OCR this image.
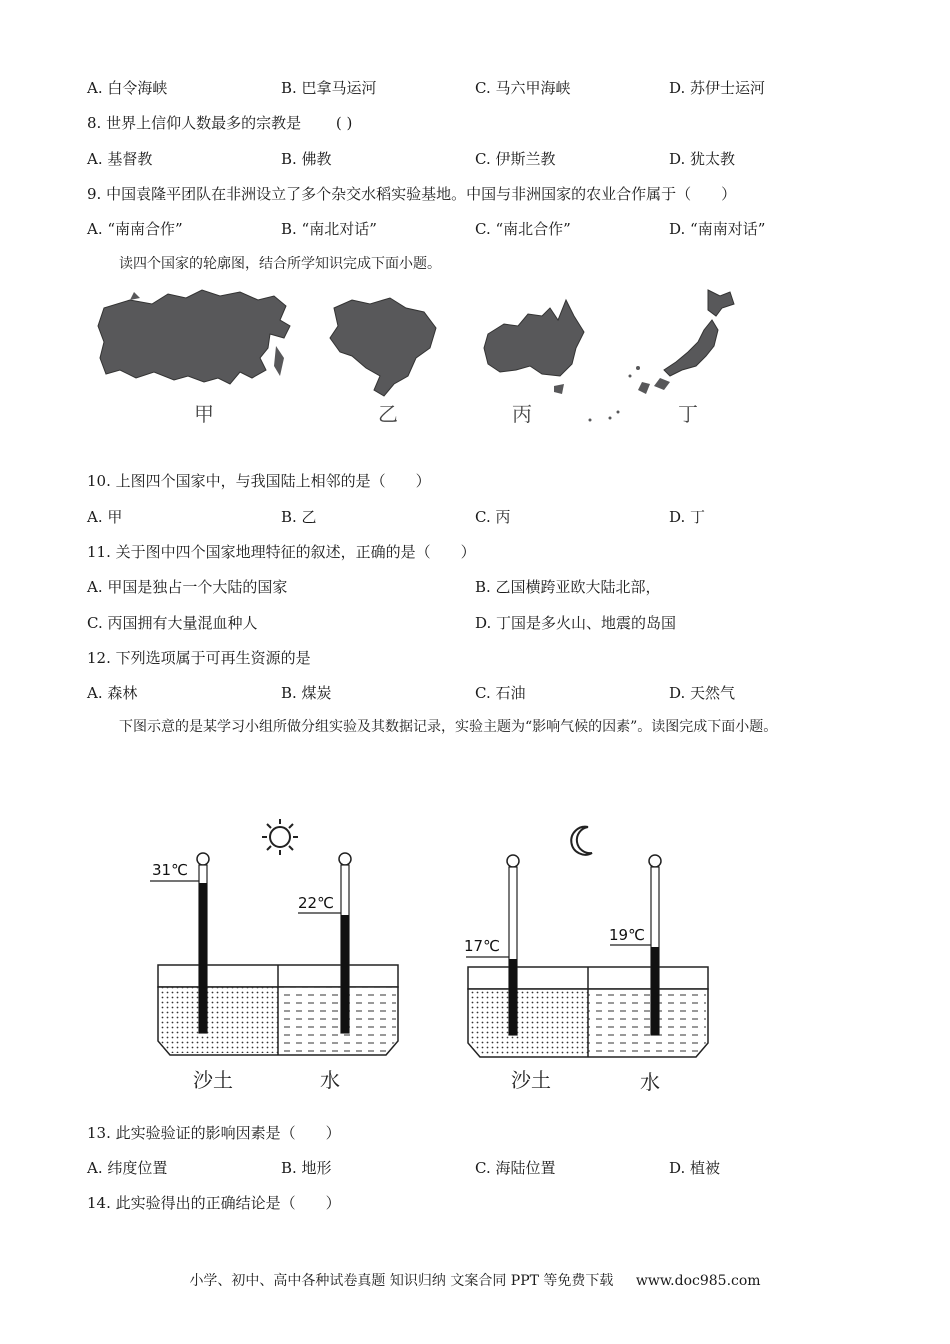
A. 白令海峡	B. 巴拿马运河	C. 马六甲海峡	D. 苏伊士运河
8. 世界上信仰人数最多的宗教是 ( )
A. 基督教	B. 佛教	C. 伊斯兰教	D. 犹太教
9. 中国袁隆平团队在非洲设立了多个杂交水稻实验基地。中国与非洲国家的农业合作属于（　　）
A. “南南合作”	B. “南北对话”	C. “南北合作”	D. “南南对话”
读四个国家的轮廓图，结合所学知识完成下面小题。
甲	乙	丙	丁
10. 上图四个国家中，与我国陆上相邻的是（　　）
A. 甲	B. 乙	C. 丙	D. 丁
11. 关于图中四个国家地理特征的叙述，正确的是（　　）
A. 甲国是独占一个大陆的国家	B. 乙国横跨亚欧大陆北部，
C. 丙国拥有大量混血种人	D. 丁国是多火山、地震的岛国
12. 下列选项属于可再生资源的是
A. 森林	B. 煤炭	C. 石油	D. 天然气
下图示意的是某学习小组所做分组实验及其数据记录，实验主题为“影响气候的因素”。读图完成下面小题。
31℃
22℃
17℃
19℃
沙土	水	沙土	水
13. 此实验验证的影响因素是（　　）
A. 纬度位置	B. 地形	C. 海陆位置	D. 植被
14. 此实验得出的正确结论是（　　）
小学、初中、高中各种试卷真题 知识归纳 文案合同 PPT 等免费下载 www.doc985.com
